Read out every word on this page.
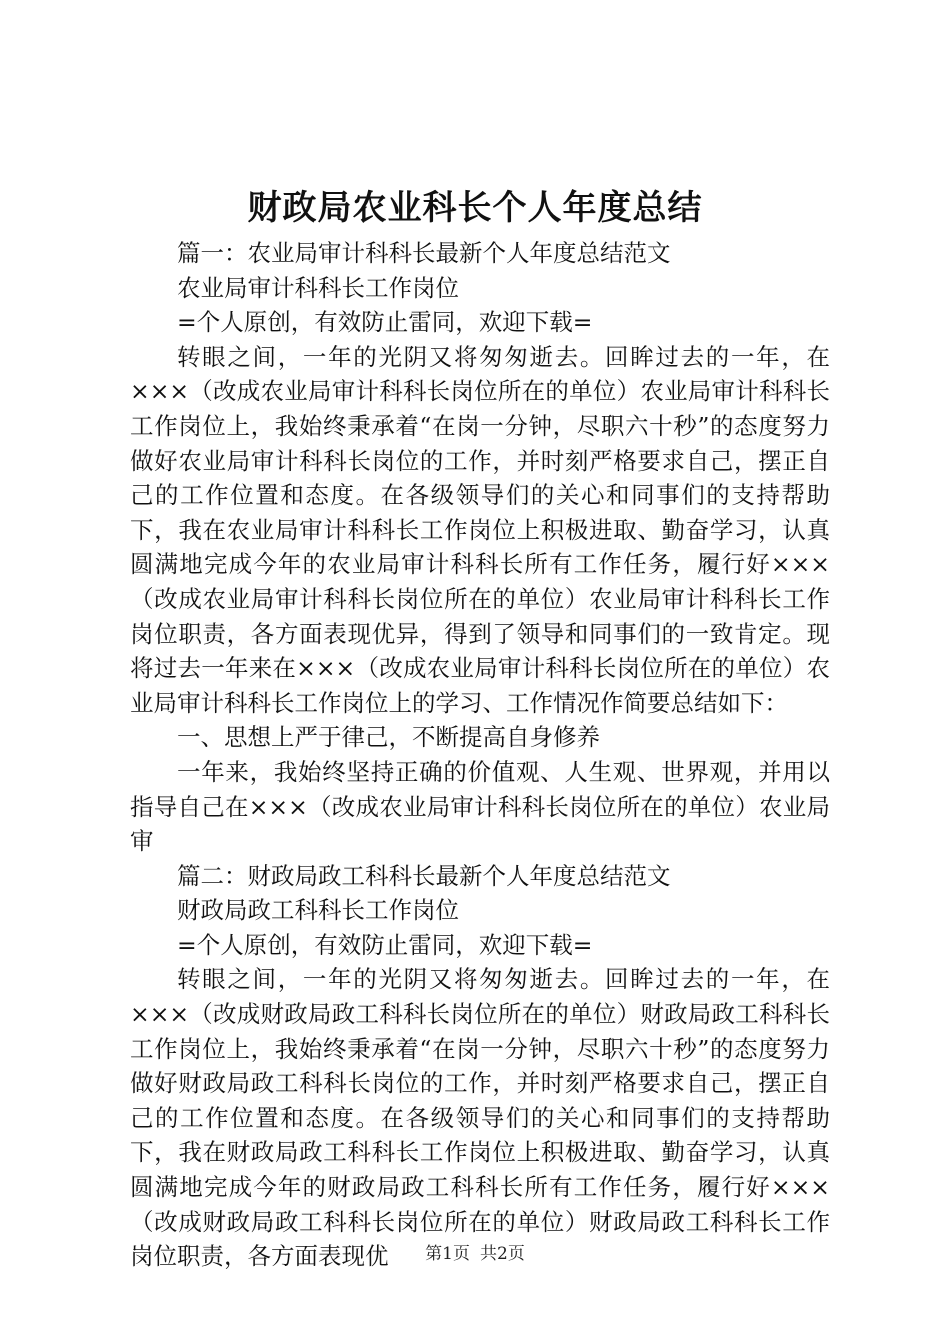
财政局农业科长个人年度总结

篇一：农业局审计科科长最新个人年度总结范文

农业局审计科科长工作岗位

=个人原创，有效防止雷同，欢迎下载=

转眼之间，一年的光阴又将匆匆逝去。回眸过去的一年，在×××（改成农业局审计科科长岗位所在的单位）农业局审计科科长工作岗位上，我始终秉承着“在岗一分钟，尽职六十秒”的态度努力做好农业局审计科科长岗位的工作，并时刻严格要求自己，摆正自己的工作位置和态度。在各级领导们的关心和同事们的支持帮助下，我在农业局审计科科长工作岗位上积极进取、勤奋学习，认真圆满地完成今年的农业局审计科科长所有工作任务，履行好×××（改成农业局审计科科长岗位所在的单位）农业局审计科科长工作岗位职责，各方面表现优异，得到了领导和同事们的一致肯定。现将过去一年来在×××（改成农业局审计科科长岗位所在的单位）农业局审计科科长工作岗位上的学习、工作情况作简要总结如下：

一、思想上严于律己，不断提高自身修养

一年来，我始终坚持正确的价值观、人生观、世界观，并用以指导自己在×××（改成农业局审计科科长岗位所在的单位）农业局审

篇二：财政局政工科科长最新个人年度总结范文

财政局政工科科长工作岗位

=个人原创，有效防止雷同，欢迎下载=

转眼之间，一年的光阴又将匆匆逝去。回眸过去的一年，在×××（改成财政局政工科科长岗位所在的单位）财政局政工科科长工作岗位上，我始终秉承着“在岗一分钟，尽职六十秒”的态度努力做好财政局政工科科长岗位的工作，并时刻严格要求自己，摆正自己的工作位置和态度。在各级领导们的关心和同事们的支持帮助下，我在财政局政工科科长工作岗位上积极进取、勤奋学习，认真圆满地完成今年的财政局政工科科长所有工作任务，履行好×××（改成财政局政工科科长岗位所在的单位）财政局政工科科长工作岗位职责，各方面表现优	第1页 共2页
